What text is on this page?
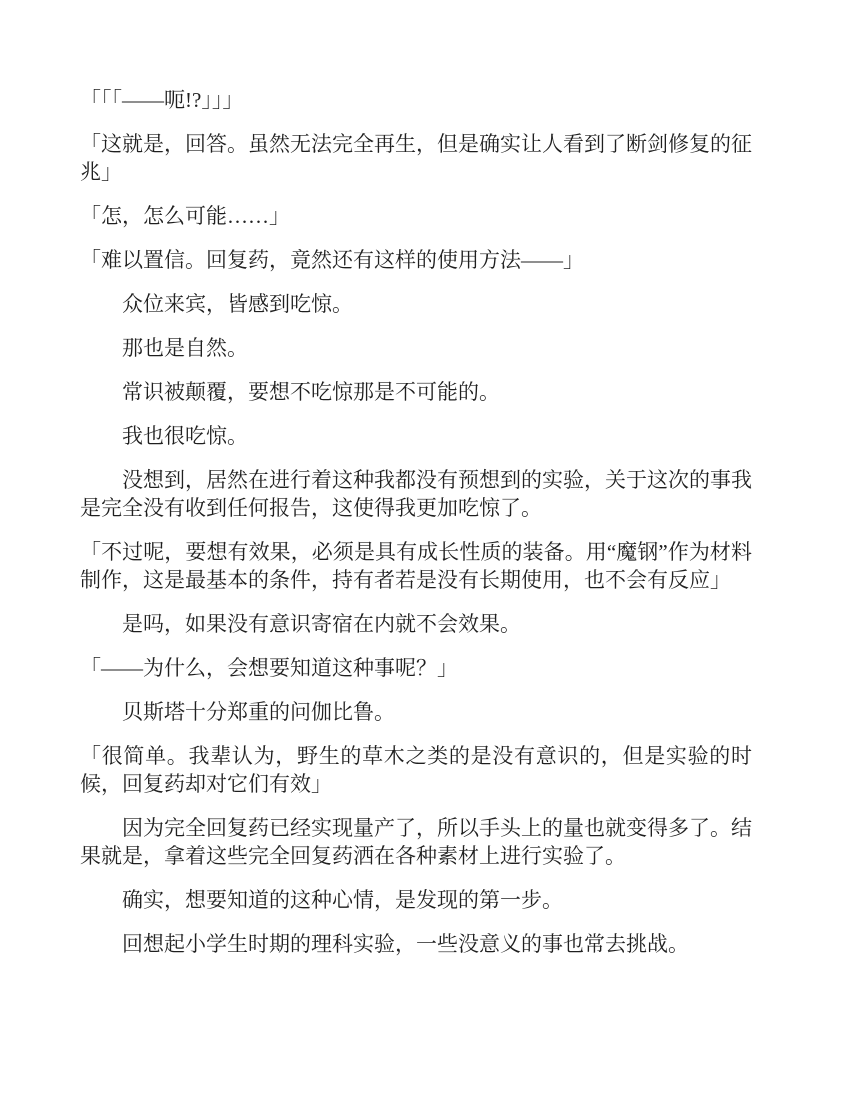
「「「——呃!?」」」

「这就是，回答。虽然无法完全再生，但是确实让人看到了断剑修复的征兆」

「怎，怎么可能……」

「难以置信。回复药，竟然还有这样的使用方法——」

众位来宾，皆感到吃惊。

那也是自然。

常识被颠覆，要想不吃惊那是不可能的。

我也很吃惊。

没想到，居然在进行着这种我都没有预想到的实验，关于这次的事我是完全没有收到任何报告，这使得我更加吃惊了。

「不过呢，要想有效果，必须是具有成长性质的装备。用“魔钢”作为材料制作，这是最基本的条件，持有者若是没有长期使用，也不会有反应」

是吗，如果没有意识寄宿在内就不会效果。

「——为什么，会想要知道这种事呢？」

贝斯塔十分郑重的问伽比鲁。

「很简单。我辈认为，野生的草木之类的是没有意识的，但是实验的时候，回复药却对它们有效」

因为完全回复药已经实现量产了，所以手头上的量也就变得多了。结果就是，拿着这些完全回复药洒在各种素材上进行实验了。

确实，想要知道的这种心情，是发现的第一步。

回想起小学生时期的理科实验，一些没意义的事也常去挑战。
